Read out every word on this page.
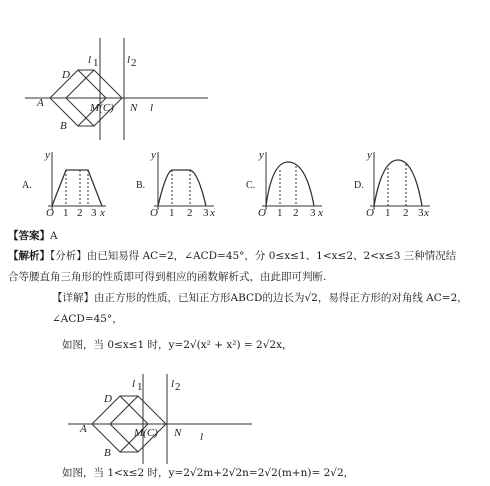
l 1	l 2
D
A
B
M(C) N l
A.	B.	C.	D.
y
O 1 2 3 x
y
O 1 2 3 x
y
O 1 2 3 x
y
O 1 2 3 x
【答案】A
【解析】【分析】由已知易得 AC=2，∠ACD=45°，分 0≤x≤1、1<x≤2、2<x≤3 三种情况结
合等腰直角三角形的性质即可得到相应的函数解析式，由此即可判断.
【详解】由正方形的性质，已知正方形ABCD的边长为√2，易得正方形的对角线 AC=2，
∠ACD=45°，
如图，当 0≤x≤1 时，y=2√(x² + x²) = 2√2x，
l 1	l 2
D
A
B
M(C) N l
如图，当 1<x≤2 时，y=2√2m+2√2n=2√2(m+n)= 2√2，
